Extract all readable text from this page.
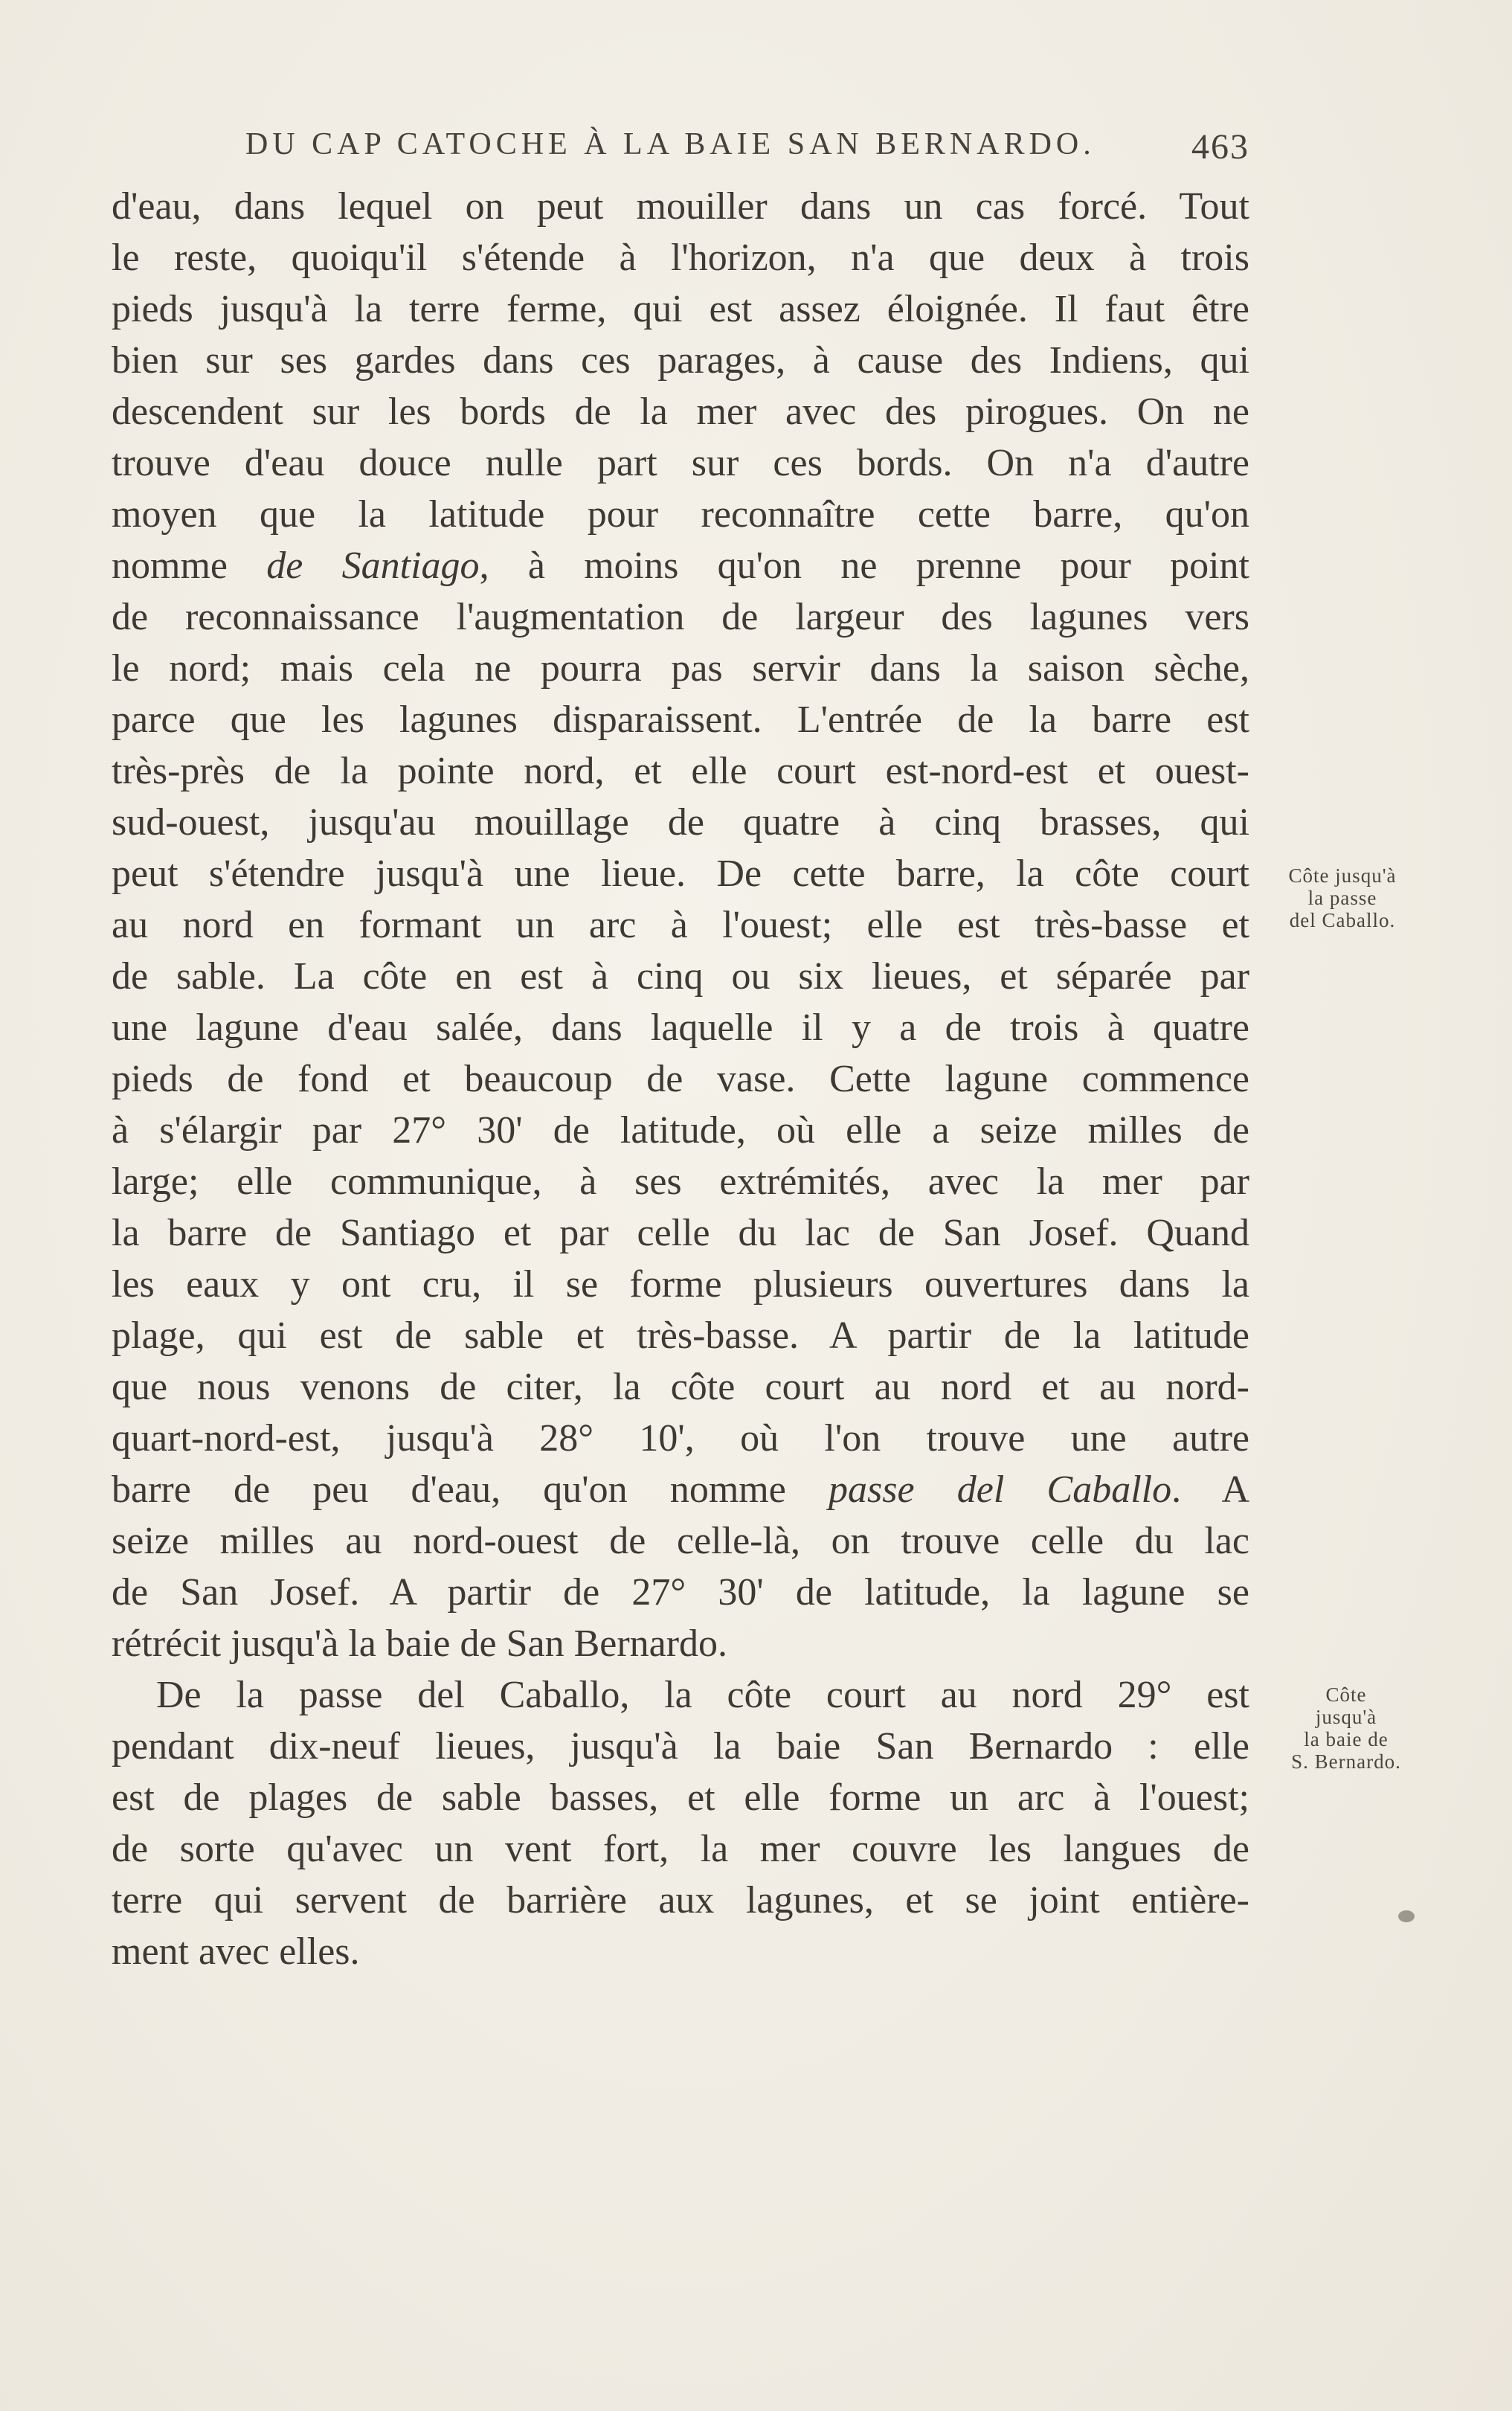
DU CAP CATOCHE À LA BAIE SAN BERNARDO.	463
d'eau, dans lequel on peut mouiller dans un cas forcé. Tout
le reste, quoiqu'il s'étende à l'horizon, n'a que deux à trois
pieds jusqu'à la terre ferme, qui est assez éloignée. Il faut être
bien sur ses gardes dans ces parages, à cause des Indiens, qui
descendent sur les bords de la mer avec des pirogues. On ne
trouve d'eau douce nulle part sur ces bords. On n'a d'autre
moyen que la latitude pour reconnaître cette barre, qu'on
nomme de Santiago, à moins qu'on ne prenne pour point
de reconnaissance l'augmentation de largeur des lagunes vers
le nord; mais cela ne pourra pas servir dans la saison sèche,
parce que les lagunes disparaissent. L'entrée de la barre est
très-près de la pointe nord, et elle court est-nord-est et ouest-
sud-ouest, jusqu'au mouillage de quatre à cinq brasses, qui
peut s'étendre jusqu'à une lieue. De cette barre, la côte court
au nord en formant un arc à l'ouest; elle est très-basse et
de sable. La côte en est à cinq ou six lieues, et séparée par
une lagune d'eau salée, dans laquelle il y a de trois à quatre
pieds de fond et beaucoup de vase. Cette lagune commence
à s'élargir par 27° 30' de latitude, où elle a seize milles de
large; elle communique, à ses extrémités, avec la mer par
la barre de Santiago et par celle du lac de San Josef. Quand
les eaux y ont cru, il se forme plusieurs ouvertures dans la
plage, qui est de sable et très-basse. A partir de la latitude
que nous venons de citer, la côte court au nord et au nord-
quart-nord-est, jusqu'à 28° 10', où l'on trouve une autre
barre de peu d'eau, qu'on nomme passe del Caballo. A
seize milles au nord-ouest de celle-là, on trouve celle du lac
de San Josef. A partir de 27° 30' de latitude, la lagune se
rétrécit jusqu'à la baie de San Bernardo.
De la passe del Caballo, la côte court au nord 29° est
pendant dix-neuf lieues, jusqu'à la baie San Bernardo : elle
est de plages de sable basses, et elle forme un arc à l'ouest;
de sorte qu'avec un vent fort, la mer couvre les langues de
terre qui servent de barrière aux lagunes, et se joint entière-
ment avec elles.
Côte jusqu'à
la passe
del Caballo.
Côte
jusqu'à
la baie de
S. Bernardo.
